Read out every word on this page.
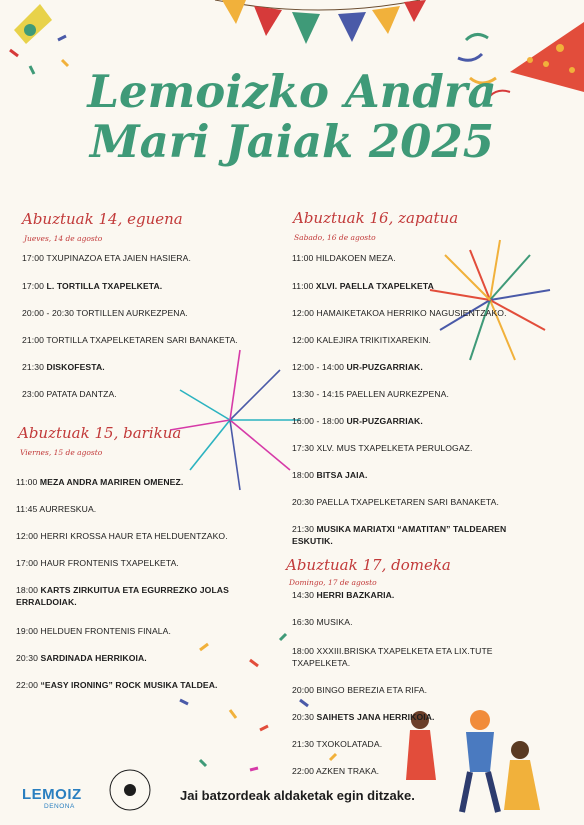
Lemoizko Andra
Mari Jaiak 2025
Abuztuak 14, eguena
Jueves, 14 de agosto
17:00 TXUPINAZOA ETA JAIEN HASIERA.
17:00 L. TORTILLA TXAPELKETA.
20:00 - 20:30 TORTILLEN AURKEZPENA.
21:00 TORTILLA TXAPELKETAREN SARI BANAKETA.
21:30 DISKOFESTA.
23:00 PATATA DANTZA.
Abuztuak 15, barikua
Viernes, 15 de agosto
11:00 MEZA ANDRA MARIREN OMENEZ.
11:45 AURRESKUA.
12:00 HERRI KROSSA HAUR ETA HELDUENTZAKO.
17:00 HAUR FRONTENIS TXAPELKETA.
18:00 KARTS ZIRKUITUA ETA EGURREZKO JOLAS
ERRALDOIAK.
19:00 HELDUEN FRONTENIS FINALA.
20:30 SARDINADA HERRIKOIA.
22:00 “EASY IRONING” ROCK MUSIKA TALDEA.
Abuztuak 16, zapatua
Sabado, 16 de agosto
11:00 HILDAKOEN MEZA.
11:00 XLVI. PAELLA TXAPELKETA
12:00 HAMAIKETAKOA HERRIKO NAGUSIENTZAKO.
12:00 KALEJIRA TRIKITIXAREKIN.
12:00 - 14:00 UR-PUZGARRIAK.
13:30 - 14:15 PAELLEN AURKEZPENA.
16:00 - 18:00 UR-PUZGARRIAK.
17:30 XLV. MUS TXAPELKETA PERULOGAZ.
18:00 BITSA JAIA.
20:30 PAELLA TXAPELKETAREN SARI BANAKETA.
21:30 MUSIKA MARIATXI “AMATITAN” TALDEAREN
ESKUTIK.
Abuztuak 17, domeka
Domingo, 17 de agosto
14:30 HERRI BAZKARIA.
16:30 MUSIKA.
18:00 XXXIII.BRISKA TXAPELKETA ETA LIX.TUTE
TXAPELKETA.
20:00 BINGO BEREZIA ETA RIFA.
20:30 SAIHETS JANA HERRIKOIA.
21:30 TXOKOLATADA.
22:00 AZKEN TRAKA.
LEMOIZ
DENONA
Jai batzordeak aldaketak egin ditzake.
